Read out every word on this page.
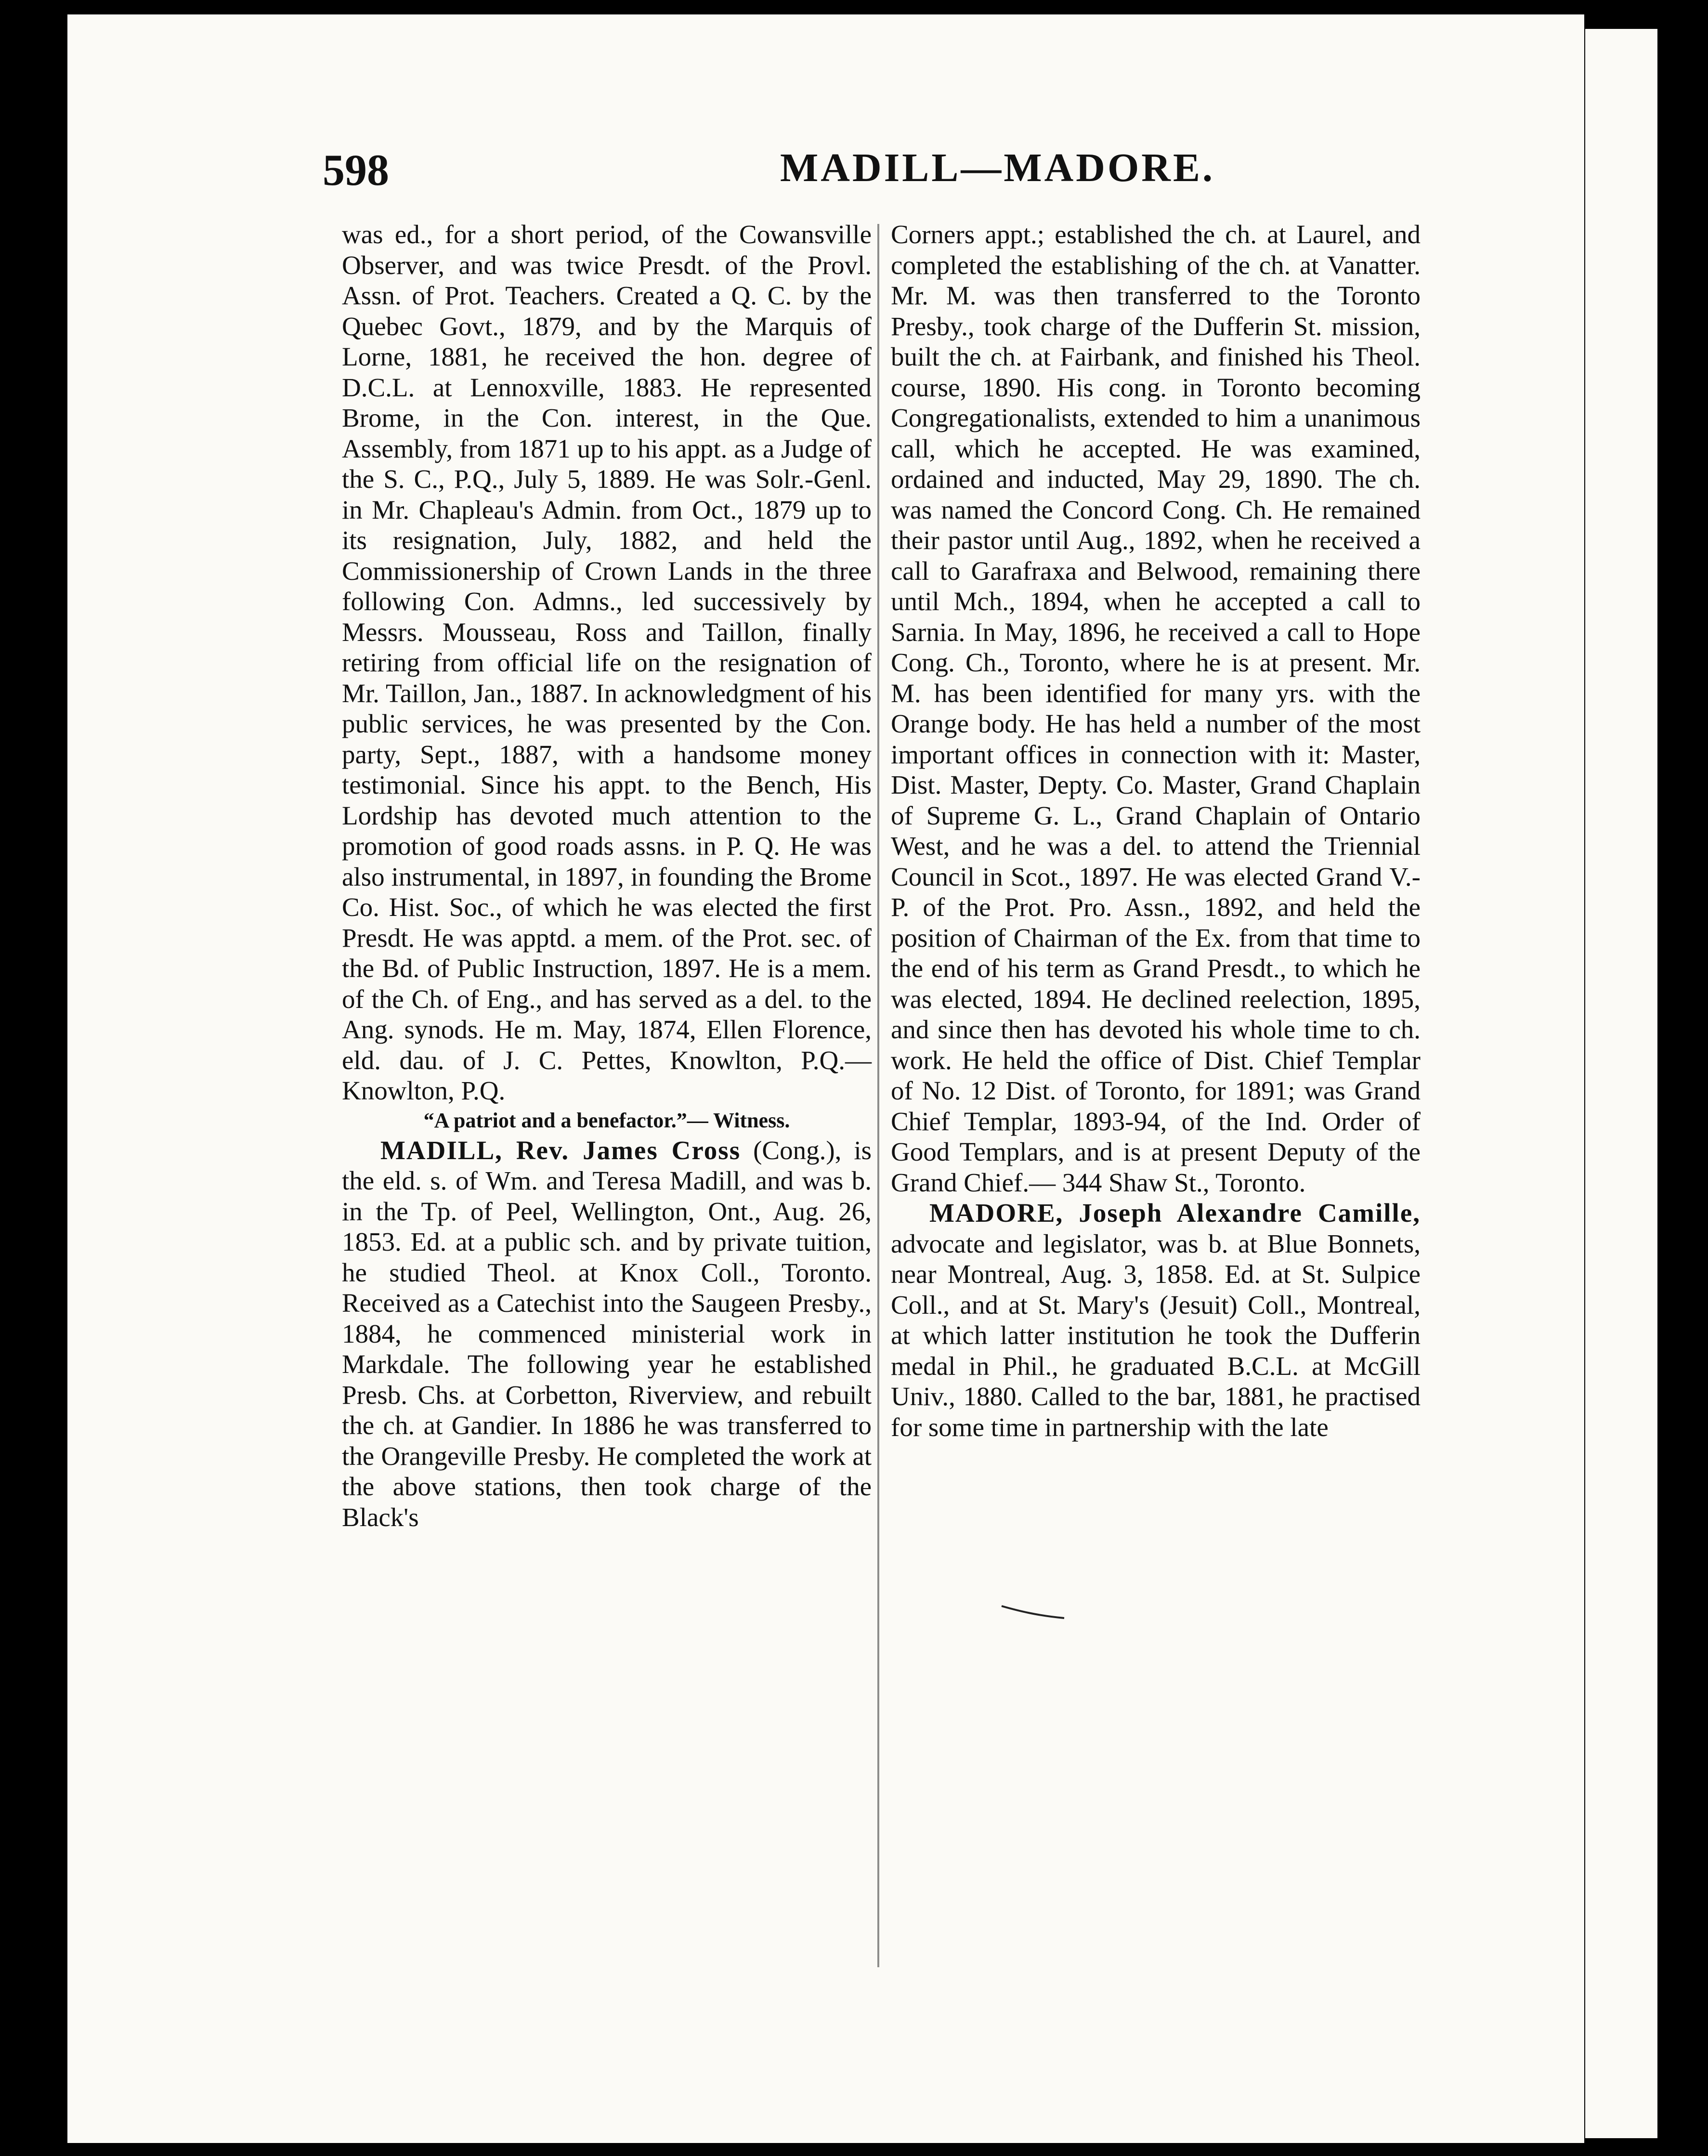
598	MADILL—MADORE.

was ed., for a short period, of the Cowansville Observer, and was twice Presdt. of the Provl. Assn. of Prot. Teachers. Created a Q. C. by the Quebec Govt., 1879, and by the Marquis of Lorne, 1881, he received the hon. degree of D.C.L. at Lennoxville, 1883. He represented Brome, in the Con. interest, in the Que. Assembly, from 1871 up to his appt. as a Judge of the S. C., P.Q., July 5, 1889. He was Solr.-Genl. in Mr. Chapleau's Admin. from Oct., 1879 up to its resignation, July, 1882, and held the Commissionership of Crown Lands in the three following Con. Admns., led successively by Messrs. Mousseau, Ross and Taillon, finally retiring from official life on the resignation of Mr. Taillon, Jan., 1887. In acknowledgment of his public services, he was presented by the Con. party, Sept., 1887, with a handsome money testimonial. Since his appt. to the Bench, His Lordship has devoted much attention to the promotion of good roads assns. in P. Q. He was also instrumental, in 1897, in founding the Brome Co. Hist. Soc., of which he was elected the first Presdt. He was apptd. a mem. of the Prot. sec. of the Bd. of Public Instruction, 1897. He is a mem. of the Ch. of Eng., and has served as a del. to the Ang. synods. He m. May, 1874, Ellen Florence, eld. dau. of J. C. Pettes, Knowlton, P.Q.— Knowlton, P.Q.

“A patriot and a benefactor.”— Witness.

MADILL, Rev. James Cross (Cong.), is the eld. s. of Wm. and Teresa Madill, and was b. in the Tp. of Peel, Wellington, Ont., Aug. 26, 1853. Ed. at a public sch. and by private tuition, he studied Theol. at Knox Coll., Toronto. Received as a Catechist into the Saugeen Presby., 1884, he commenced ministerial work in Markdale. The following year he established Presb. Chs. at Corbetton, Riverview, and rebuilt the ch. at Gandier. In 1886 he was transferred to the Orangeville Presby. He completed the work at the above stations, then took charge of the Black's

Corners appt.; established the ch. at Laurel, and completed the establishing of the ch. at Vanatter. Mr. M. was then transferred to the Toronto Presby., took charge of the Dufferin St. mission, built the ch. at Fairbank, and finished his Theol. course, 1890. His cong. in Toronto becoming Congregationalists, extended to him a unanimous call, which he accepted. He was examined, ordained and inducted, May 29, 1890. The ch. was named the Concord Cong. Ch. He remained their pastor until Aug., 1892, when he received a call to Garafraxa and Belwood, remaining there until Mch., 1894, when he accepted a call to Sarnia. In May, 1896, he received a call to Hope Cong. Ch., Toronto, where he is at present. Mr. M. has been identified for many yrs. with the Orange body. He has held a number of the most important offices in connection with it: Master, Dist. Master, Depty. Co. Master, Grand Chaplain of Supreme G. L., Grand Chaplain of Ontario West, and he was a del. to attend the Triennial Council in Scot., 1897. He was elected Grand V.-P. of the Prot. Pro. Assn., 1892, and held the position of Chairman of the Ex. from that time to the end of his term as Grand Presdt., to which he was elected, 1894. He declined reelection, 1895, and since then has devoted his whole time to ch. work. He held the office of Dist. Chief Templar of No. 12 Dist. of Toronto, for 1891; was Grand Chief Templar, 1893-94, of the Ind. Order of Good Templars, and is at present Deputy of the Grand Chief.— 344 Shaw St., Toronto.

MADORE, Joseph Alexandre Camille, advocate and legislator, was b. at Blue Bonnets, near Montreal, Aug. 3, 1858. Ed. at St. Sulpice Coll., and at St. Mary's (Jesuit) Coll., Montreal, at which latter institution he took the Dufferin medal in Phil., he graduated B.C.L. at McGill Univ., 1880. Called to the bar, 1881, he practised for some time in partnership with the late
